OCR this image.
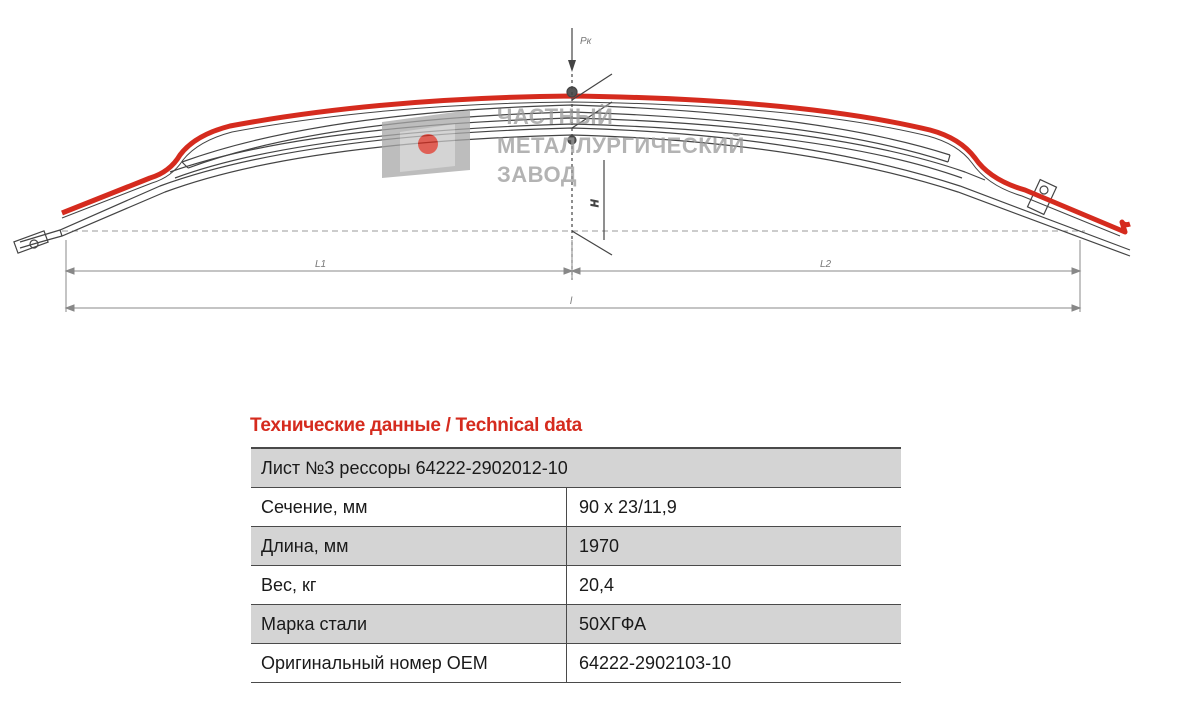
Pк
H
L1	L2
l
ЧАСТНЫЙ
МЕТАЛЛУРГИЧЕСКИЙ
ЗАВОД
Технические данные / Technical data
Лист №3 рессоры 64222-2902012-10	
Сечение, мм	90 x 23/11,9
Длина, мм	1970
Вес, кг	20,4
Марка стали	50ХГФА
Оригинальный номер OEM	64222-2902103-10
